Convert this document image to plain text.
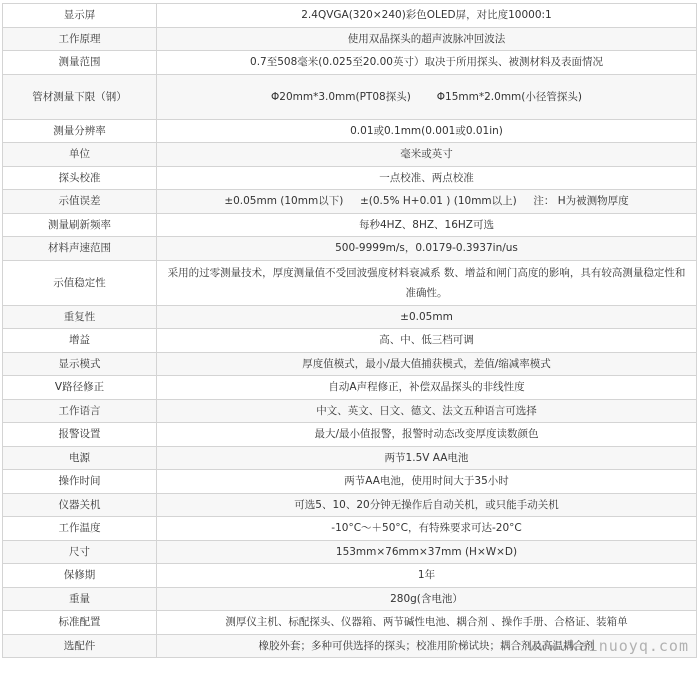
显示屏	2.4QVGA(320×240)彩色OLED屏，对比度10000:1
工作原理	使用双晶探头的超声波脉冲回波法
测量范围	0.7至508毫米(0.025至20.00英寸）取决于所用探头、被测材料及表面情况
管材测量下限（钢）	Φ20mm*3.0mm(PT08探头) Φ15mm*2.0mm(小径管探头)
测量分辨率	0.01或0.1mm(0.001或0.01in)
单位	毫米或英寸
探头校准	一点校准、两点校准
示值误差	±0.05mm (10mm以下)     ±(0.5% H+0.01 ) (10mm以上)     注： H为被测物厚度
测量刷新频率	每秒4HZ、8HZ、16HZ可选
材料声速范围	500-9999m/s，0.0179-0.3937in/us
示值稳定性	采用的过零测量技术，厚度测量值不受回波强度材料衰减系 数、增益和闸门高度的影响，具有较高测量稳定性和准确性。
重复性	±0.05mm
增益	高、中、低三档可调
显示模式	厚度值模式，最小/最大值捕获模式，差值/缩减率模式
V路径修正	自动A声程修正，补偿双晶探头的非线性度
工作语言	中文、英文、日文、德文、法文五种语言可选择
报警设置	最大/最小值报警，报警时动态改变厚度读数颜色
电源	两节1.5V AA电池
操作时间	两节AA电池，使用时间大于35小时
仪器关机	可选5、10、20分钟无操作后自动关机，或只能手动关机
工作温度	-10°C～＋50°C，有特殊要求可达-20°C
尺寸	153mm×76mm×37mm (H×W×D)
保修期	1年
重量	280g(含电池）
标准配置	测厚仪主机、标配探头、仪器箱、两节碱性电池、耦合剂 、操作手册、合格证、装箱单
选配件	橡胶外套；多种可供选择的探头；校准用阶梯试块；耦合剂及高温耦合剂
www.kainuoyq.com
